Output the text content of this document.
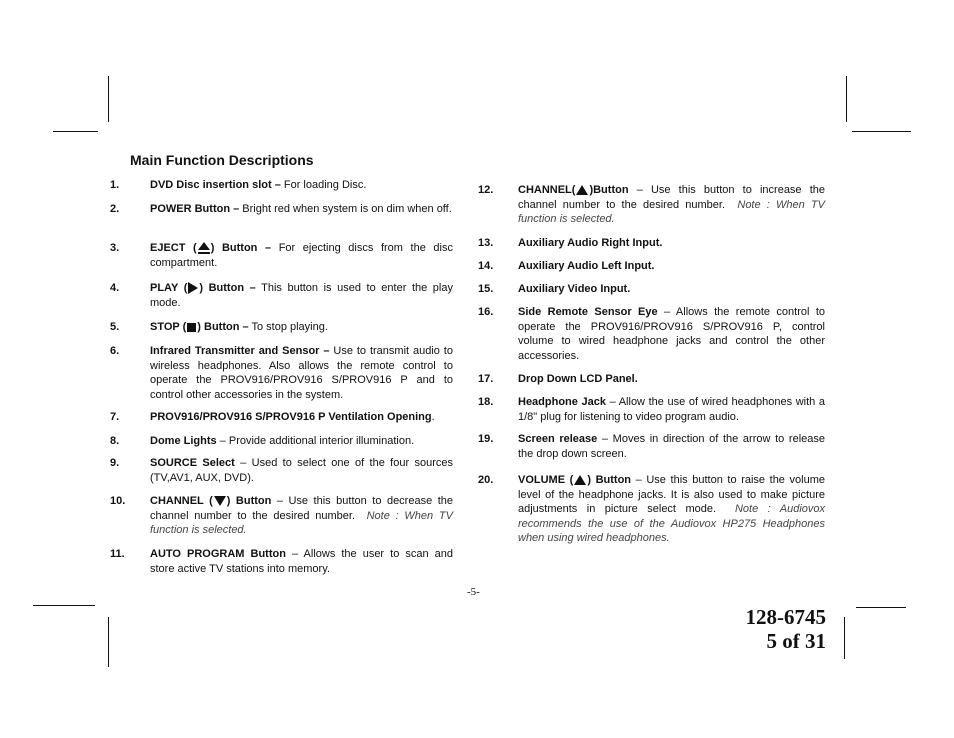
Main Function Descriptions
1.	DVD Disc insertion slot – For loading Disc.
2.	POWER Button – Bright red when system is on dim when off.
3.	EJECT ( ) Button – For ejecting discs from the disc compartment.
4.	PLAY ( ) Button – This button is used to enter the play mode.
5.	STOP ( ) Button – To stop playing.
6.	Infrared Transmitter and Sensor – Use to transmit audio to wireless headphones. Also allows the remote control to operate the PROV916/PROV916 S/PROV916 P and to control other accessories in the system.
7.	PROV916/PROV916 S/PROV916 P Ventilation Opening.
8.	Dome Lights – Provide additional interior illumination.
9.	SOURCE Select – Used to select one of the four sources (TV,AV1, AUX, DVD).
10. CHANNEL ( ) Button – Use this button to decrease the channel number to the desired number. Note : When TV function is selected.
11. AUTO PROGRAM Button – Allows the user to scan and store active TV stations into memory.
12. CHANNEL( )Button – Use this button to increase the channel number to the desired number. Note : When TV function is selected.
13. Auxiliary Audio Right Input.
14. Auxiliary Audio Left Input.
15. Auxiliary Video Input.
16. Side Remote Sensor Eye – Allows the remote control to operate the PROV916/PROV916 S/PROV916 P, control volume to wired headphone jacks and control the other accessories.
17. Drop Down LCD Panel.
18. Headphone Jack – Allow the use of wired headphones with a 1/8" plug for listening to video program audio.
19. Screen release – Moves in direction of the arrow to release the drop down screen.
20. VOLUME ( ) Button – Use this button to raise the volume level of the headphone jacks. It is also used to make picture adjustments in picture select mode. Note : Audiovox recommends the use of the Audiovox HP275 Headphones when using wired headphones.
-5-
128-6745
5 of 31
